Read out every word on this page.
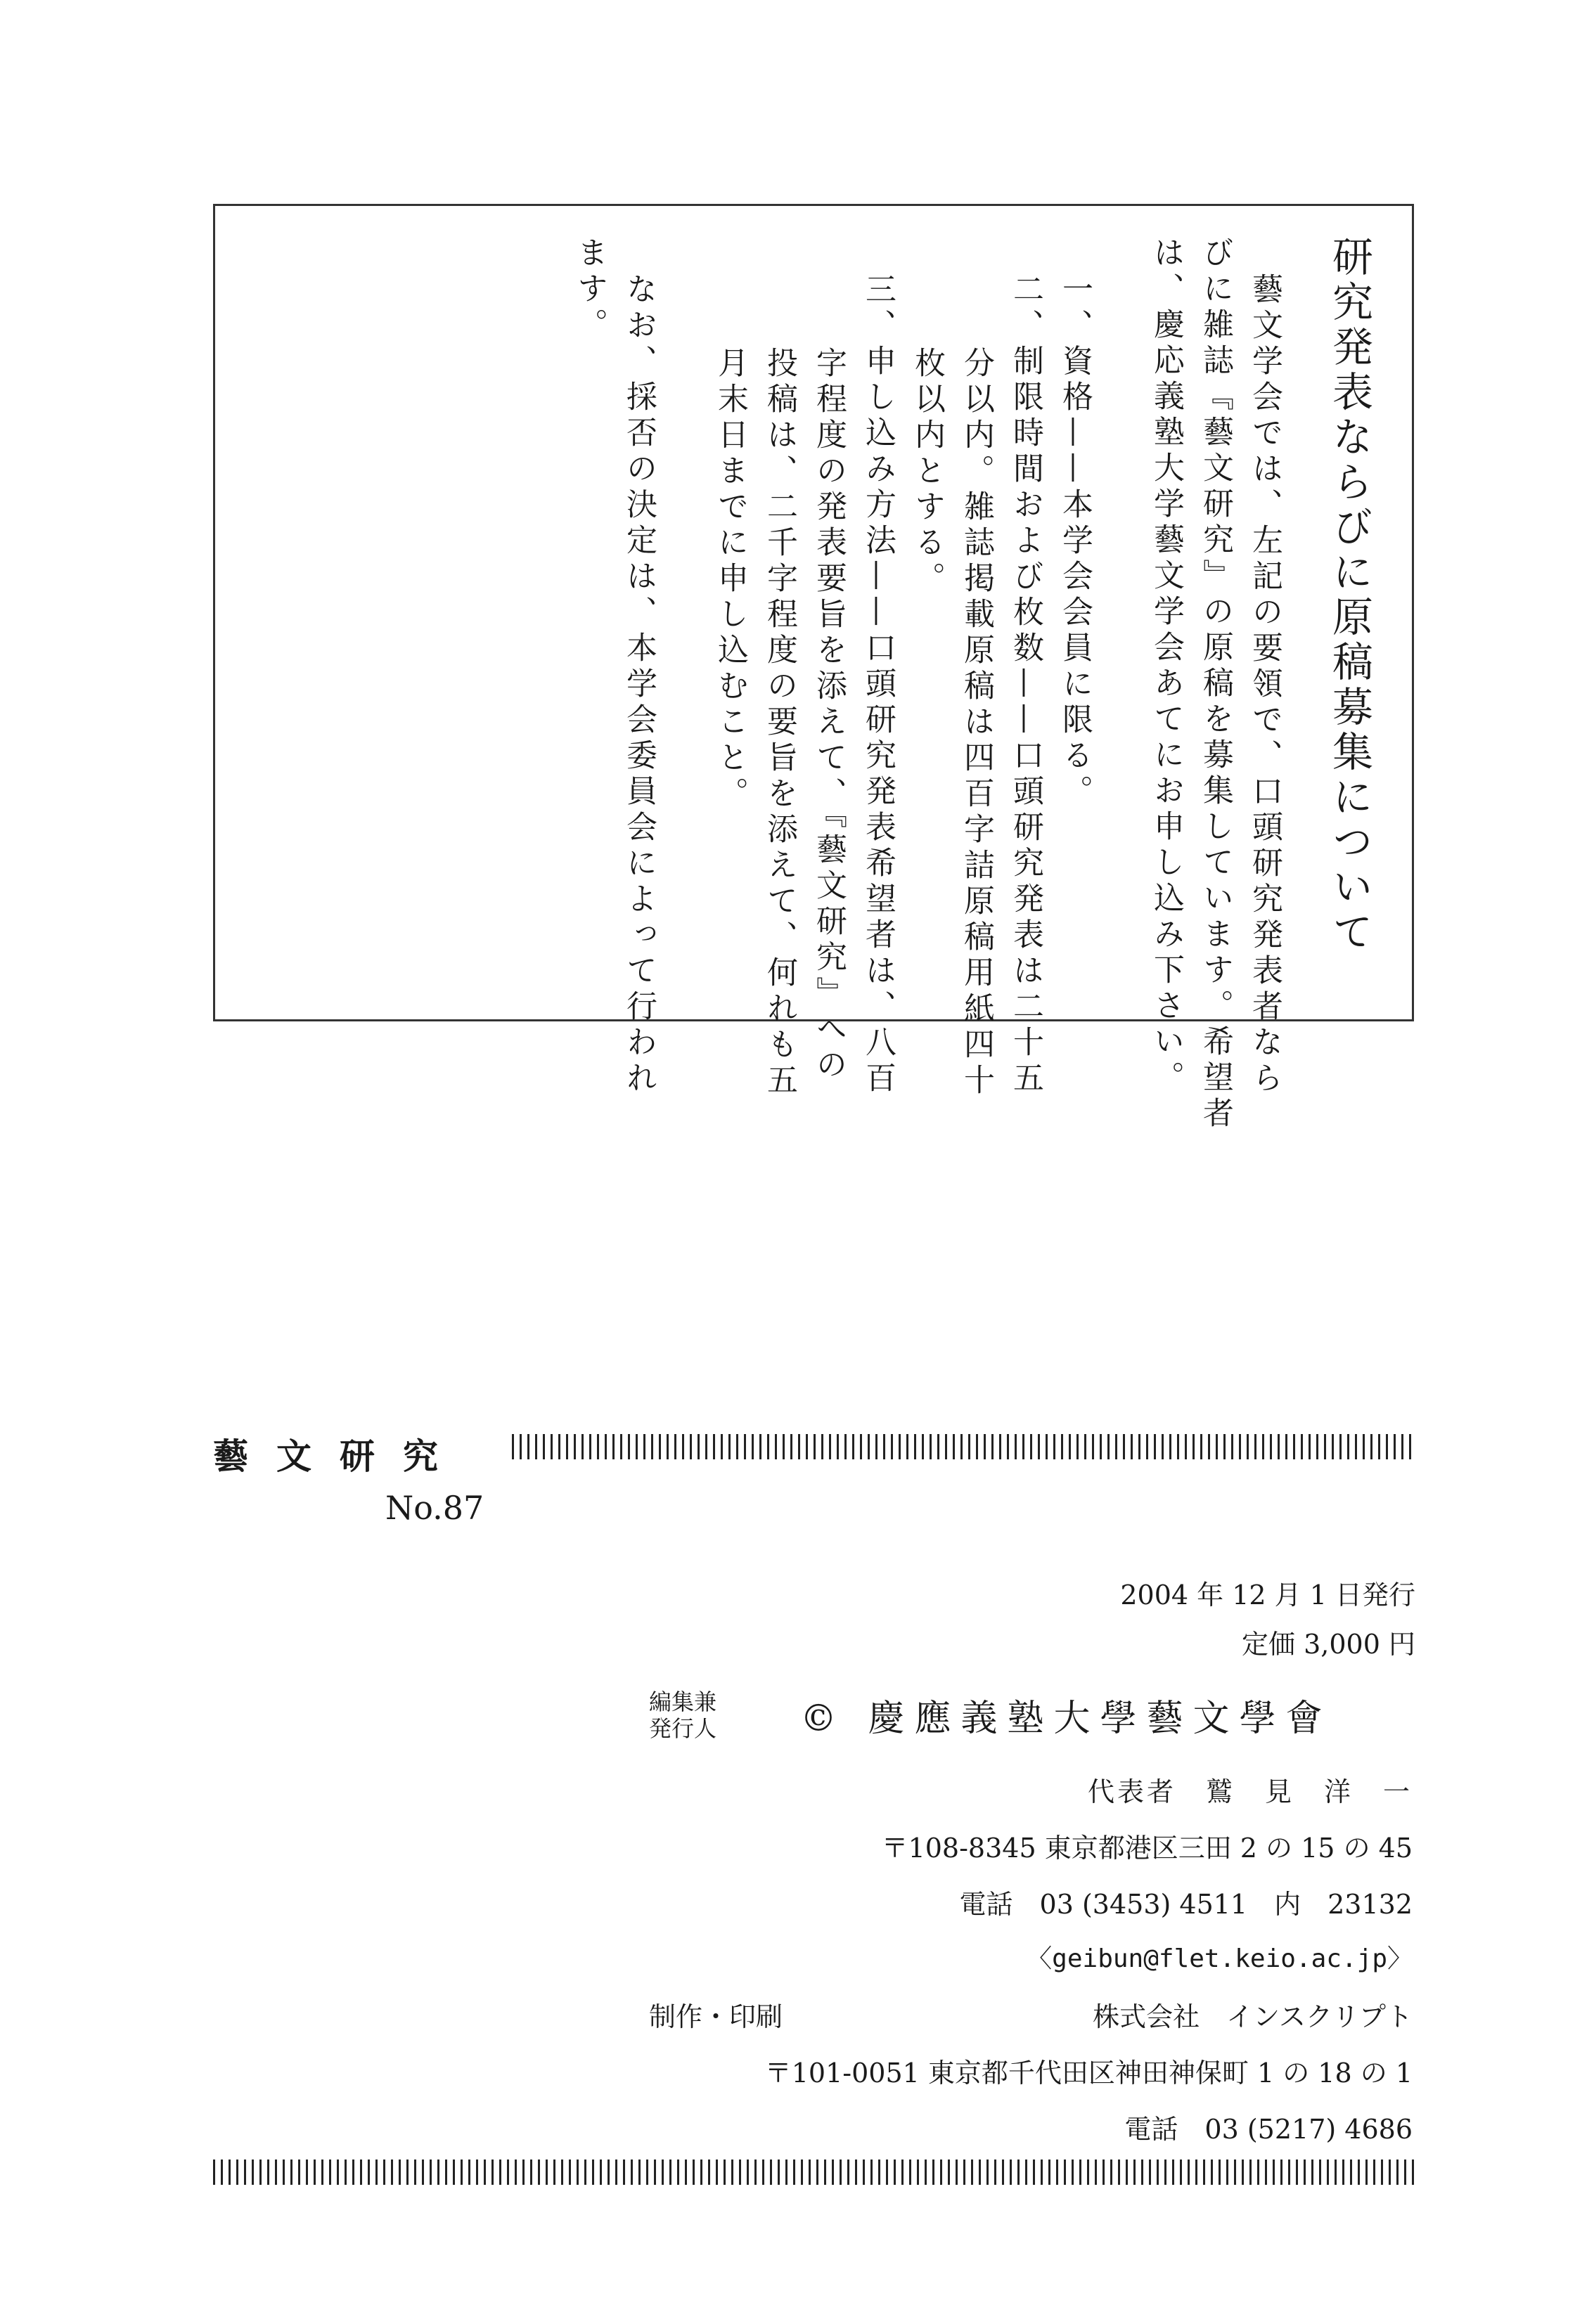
研究発表ならびに原稿募集について
藝文学会では、左記の要領で、口頭研究発表者なら
びに雑誌『藝文研究』の原稿を募集しています。希望者
は、慶応義塾大学藝文学会あてにお申し込み下さい。
一、資格——本学会会員に限る。
二、制限時間および枚数——口頭研究発表は二十五
分以内。雑誌掲載原稿は四百字詰原稿用紙四十
枚以内とする。
三、申し込み方法——口頭研究発表希望者は、八百
字程度の発表要旨を添えて、『藝文研究』への
投稿は、二千字程度の要旨を添えて、何れも五
月末日までに申し込むこと。
なお、採否の決定は、本学会委員会によって行われ
ます。
藝文研究
No.87
2004 年 12 月 1 日発行
定価 3,000 円
編集兼
発行人 © 慶應義塾大學藝文學會
代表者　鷲　見　洋　一
〒108-8345 東京都港区三田 2 の 15 の 45
電話　03 (3453) 4511　内　23132
〈geibun@flet.keio.ac.jp〉
制作・印刷	株式会社　インスクリプト
〒101-0051 東京都千代田区神田神保町 1 の 18 の 1
電話　03 (5217) 4686
